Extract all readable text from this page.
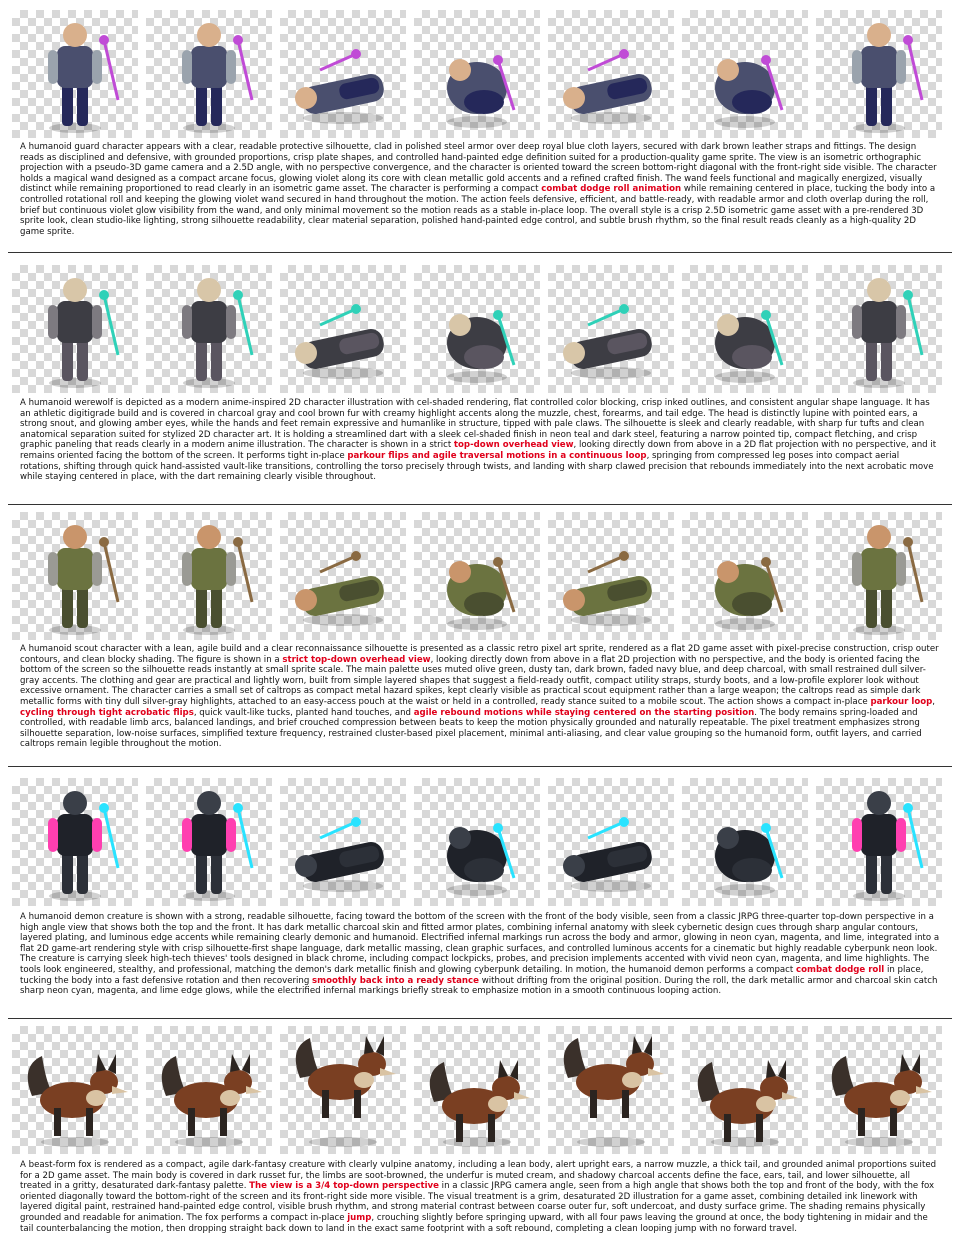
A humanoid guard character appears with a clear, readable protective silhouette, clad in polished steel armor over deep royal blue cloth layers, secured with dark brown leather straps and fittings. The design reads as disciplined and defensive, with grounded proportions, crisp plate shapes, and controlled hand-painted edge definition suited for a production-quality game sprite. The view is an isometric orthographic projection with a pseudo-3D game camera and a 2.5D angle, with no perspective convergence, and the character is oriented toward the screen bottom-right diagonal with the front-right side visible. The character holds a magical wand designed as a compact arcane focus, glowing violet along its core with clean metallic gold accents and a refined crafted finish. The wand feels functional and magically energized, visually distinct while remaining proportioned to read clearly in an isometric game asset. The character is performing a compact combat dodge roll animation while remaining centered in place, tucking the body into a controlled rotational roll and keeping the glowing violet wand secured in hand throughout the motion. The action feels defensive, efficient, and battle-ready, with readable armor and cloth overlap during the roll, brief but continuous violet glow visibility from the wand, and only minimal movement so the motion reads as a stable in-place loop. The overall style is a crisp 2.5D isometric game asset with a pre-rendered 3D sprite look, clean studio-like lighting, strong silhouette readability, clear material separation, polished hand-painted edge control, and subtle brush rhythm, so the final result reads cleanly as a high-quality 2D game sprite.

A humanoid werewolf is depicted as a modern anime-inspired 2D character illustration with cel-shaded rendering, flat controlled color blocking, crisp inked outlines, and consistent angular shape language. It has an athletic digitigrade build and is covered in charcoal gray and cool brown fur with creamy highlight accents along the muzzle, chest, forearms, and tail edge. The head is distinctly lupine with pointed ears, a strong snout, and glowing amber eyes, while the hands and feet remain expressive and humanlike in structure, tipped with pale claws. The silhouette is sleek and clearly readable, with sharp fur tufts and clean anatomical separation suited for stylized 2D character art. It is holding a streamlined dart with a sleek cel-shaded finish in neon teal and dark steel, featuring a narrow pointed tip, compact fletching, and crisp graphic paneling that reads clearly in a modern anime illustration. The character is shown in a strict top-down overhead view, looking directly down from above in a 2D flat projection with no perspective, and it remains oriented facing the bottom of the screen. It performs tight in-place parkour flips and agile traversal motions in a continuous loop, springing from compressed leg poses into compact aerial rotations, shifting through quick hand-assisted vault-like transitions, controlling the torso precisely through twists, and landing with sharp clawed precision that rebounds immediately into the next acrobatic move while staying centered in place, with the dart remaining clearly visible throughout.

A humanoid scout character with a lean, agile build and a clear reconnaissance silhouette is presented as a classic retro pixel art sprite, rendered as a flat 2D game asset with pixel-precise construction, crisp outer contours, and clean blocky shading. The figure is shown in a strict top-down overhead view, looking directly down from above in a flat 2D projection with no perspective, and the body is oriented facing the bottom of the screen so the silhouette reads instantly at small sprite scale. The main palette uses muted olive green, dusty tan, dark brown, faded navy blue, and deep charcoal, with small restrained dull silver-gray accents. The clothing and gear are practical and lightly worn, built from simple layered shapes that suggest a field-ready outfit, compact utility straps, sturdy boots, and a low-profile explorer look without excessive ornament. The character carries a small set of caltrops as compact metal hazard spikes, kept clearly visible as practical scout equipment rather than a large weapon; the caltrops read as simple dark metallic forms with tiny dull silver-gray highlights, attached to an easy-access pouch at the waist or held in a controlled, ready stance suited to a mobile scout. The action shows a compact in-place parkour loop, cycling through tight acrobatic flips, quick vault-like tucks, planted hand touches, and agile rebound motions while staying centered on the starting position. The body remains spring-loaded and controlled, with readable limb arcs, balanced landings, and brief crouched compression between beats to keep the motion physically grounded and naturally repeatable. The pixel treatment emphasizes strong silhouette separation, low-noise surfaces, simplified texture frequency, restrained cluster-based pixel placement, minimal anti-aliasing, and clear value grouping so the humanoid form, outfit layers, and carried caltrops remain legible throughout the motion.

A humanoid demon creature is shown with a strong, readable silhouette, facing toward the bottom of the screen with the front of the body visible, seen from a classic JRPG three-quarter top-down perspective in a high angle view that shows both the top and the front. It has dark metallic charcoal skin and fitted armor plates, combining infernal anatomy with sleek cybernetic design cues through sharp angular contours, layered plating, and luminous edge accents while remaining clearly demonic and humanoid. Electrified infernal markings run across the body and armor, glowing in neon cyan, magenta, and lime, integrated into a flat 2D game-art rendering style with crisp silhouette-first shape language, dark metallic massing, clean graphic surfaces, and controlled luminous accents for a cinematic but highly readable cyberpunk neon look. The creature is carrying sleek high-tech thieves' tools designed in black chrome, including compact lockpicks, probes, and precision implements accented with vivid neon cyan, magenta, and lime highlights. The tools look engineered, stealthy, and professional, matching the demon's dark metallic finish and glowing cyberpunk detailing. In motion, the humanoid demon performs a compact combat dodge roll in place, tucking the body into a fast defensive rotation and then recovering smoothly back into a ready stance without drifting from the original position. During the roll, the dark metallic armor and charcoal skin catch sharp neon cyan, magenta, and lime edge glows, while the electrified infernal markings briefly streak to emphasize motion in a smooth continuous looping action.

A beast-form fox is rendered as a compact, agile dark-fantasy creature with clearly vulpine anatomy, including a lean body, alert upright ears, a narrow muzzle, a thick tail, and grounded animal proportions suited for a 2D game asset. The main body is covered in dark russet fur, the limbs are soot-browned, the underfur is muted cream, and shadowy charcoal accents define the face, ears, tail, and lower silhouette, all treated in a gritty, desaturated dark-fantasy palette. The view is a 3/4 top-down perspective in a classic JRPG camera angle, seen from a high angle that shows both the top and front of the body, with the fox oriented diagonally toward the bottom-right of the screen and its front-right side more visible. The visual treatment is a grim, desaturated 2D illustration for a game asset, combining detailed ink linework with layered digital paint, restrained hand-painted edge control, visible brush rhythm, and strong material contrast between coarse outer fur, soft undercoat, and dusty surface grime. The shading remains physically grounded and readable for animation. The fox performs a compact in-place jump, crouching slightly before springing upward, with all four paws leaving the ground at once, the body tightening in midair and the tail counterbalancing the motion, then dropping straight back down to land in the exact same footprint with a soft rebound, completing a clean looping jump with no forward travel.
